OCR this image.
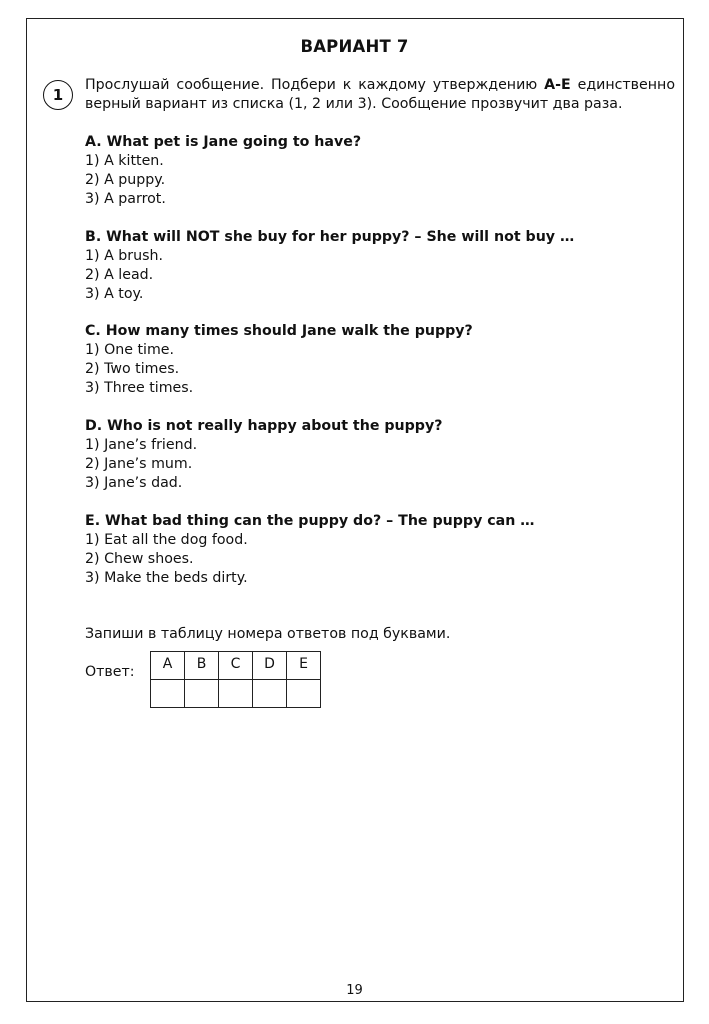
ВАРИАНТ 7
1
Прослушай сообщение. Подбери к каждому утверждению А-Е единственно верный вариант из списка (1, 2 или 3). Сообщение прозвучит два раза.
A. What pet is Jane going to have?
1) A kitten.
2) A puppy.
3) A parrot.
B. What will NOT she buy for her puppy? – She will not buy …
1) A brush.
2) A lead.
3) A toy.
C. How many times should Jane walk the puppy?
1) One time.
2) Two times.
3) Three times.
D. Who is not really happy about the puppy?
1) Jane’s friend.
2) Jane’s mum.
3) Jane’s dad.
E. What bad thing can the puppy do? – The puppy can …
1) Eat all the dog food.
2) Chew shoes.
3) Make the beds dirty.
Запиши в таблицу номера ответов под буквами.
Ответ: A	B	C	D	E

19
